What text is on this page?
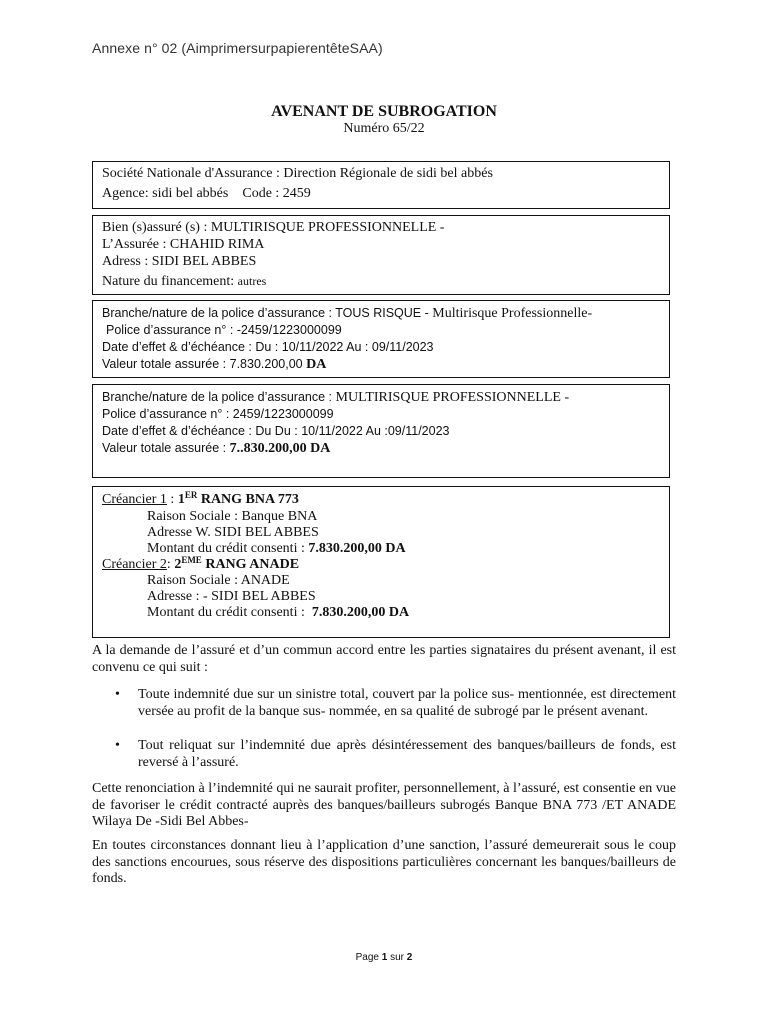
Annexe n° 02 (AimprimersurpapierentêteSAA)
AVENANT DE SUBROGATION
Numéro 65/22
Société Nationale d'Assurance : Direction Régionale de sidi bel abbés
Agence: sidi bel abbés Code : 2459
Bien (s)assuré (s) : MULTIRISQUE PROFESSIONNELLE -
L’Assurée : CHAHID RIMA
Adress : SIDI BEL ABBES
Nature du financement: autres
Branche/nature de la police d’assurance : TOUS RISQUE - Multirisque Professionnelle-
Police d’assurance n° : -2459/1223000099
Date d’effet & d’échéance : Du : 10/11/2022 Au : 09/11/2023
Valeur totale assurée : 7.830.200,00 DA
Branche/nature de la police d’assurance : MULTIRISQUE PROFESSIONNELLE -
Police d’assurance n° : 2459/1223000099
Date d’effet & d’échéance : Du Du : 10/11/2022 Au :09/11/2023
Valeur totale assurée : 7..830.200,00 DA
Créancier 1 : 1ER RANG BNA 773
Raison Sociale : Banque BNA
Adresse W. SIDI BEL ABBES
Montant du crédit consenti : 7.830.200,00 DA
Créancier 2: 2EME RANG ANADE
Raison Sociale : ANADE
Adresse : - SIDI BEL ABBES
Montant du crédit consenti : 7.830.200,00 DA
A la demande de l’assuré et d’un commun accord entre les parties signataires du présent avenant, il est convenu ce qui suit :
• Toute indemnité due sur un sinistre total, couvert par la police sus- mentionnée, est directement versée au profit de la banque sus- nommée, en sa qualité de subrogé par le présent avenant.
• Tout reliquat sur l’indemnité due après désintéressement des banques/bailleurs de fonds, est reversé à l’assuré.
Cette renonciation à l’indemnité qui ne saurait profiter, personnellement, à l’assuré, est consentie en vue de favoriser le crédit contracté auprès des banques/bailleurs subrogés Banque BNA 773 /ET ANADE Wilaya De -Sidi Bel Abbes-
En toutes circonstances donnant lieu à l’application d’une sanction, l’assuré demeurerait sous le coup des sanctions encourues, sous réserve des dispositions particulières concernant les banques/bailleurs de fonds.
Page 1 sur 2
